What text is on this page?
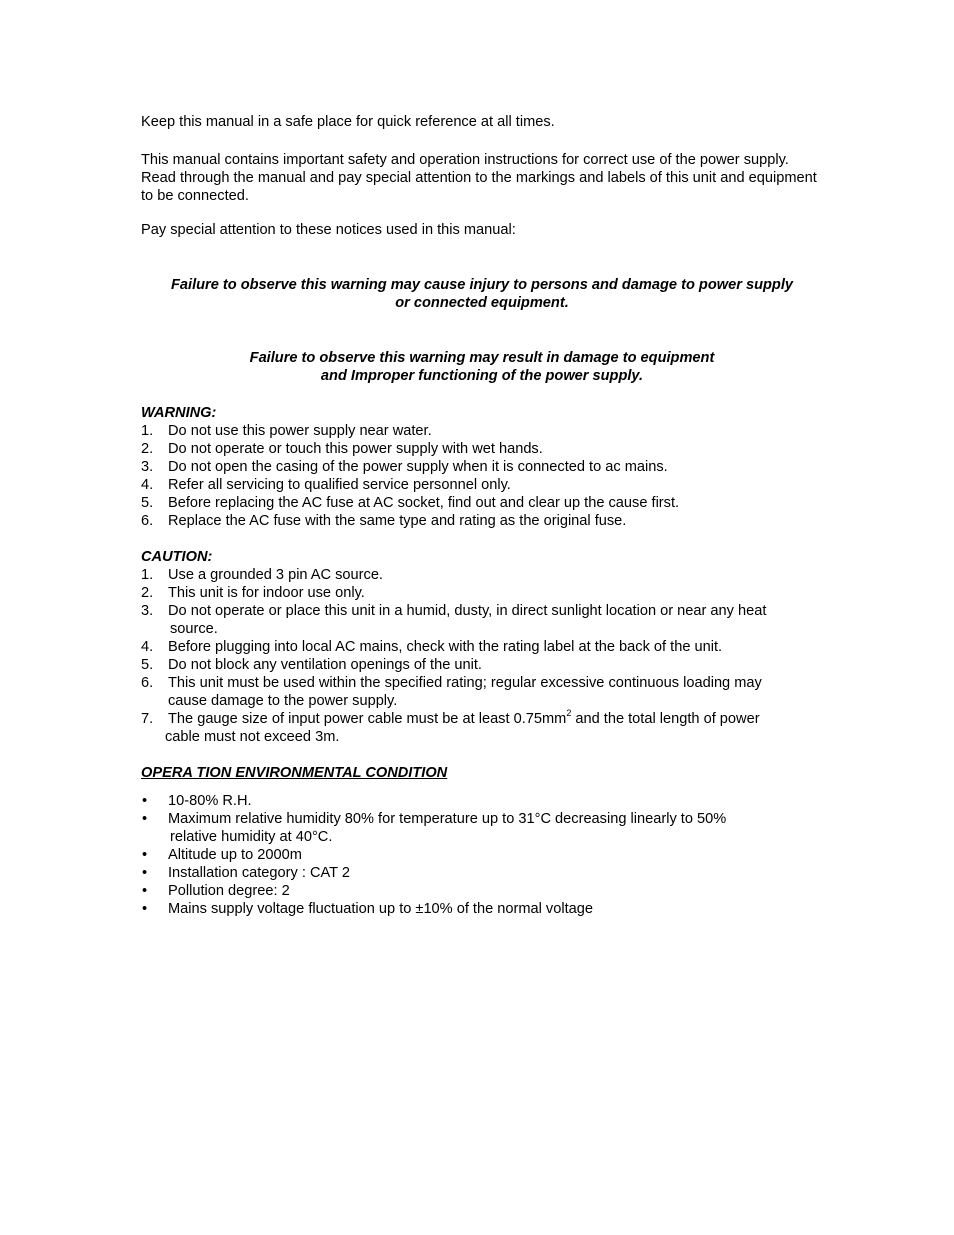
Keep this manual in a safe place for quick reference at all times.

This manual contains important safety and operation instructions for correct use of the power supply. Read through the manual and pay special attention to the markings and labels of this unit and equipment to be connected.

Pay special attention to these notices used in this manual:

Failure to observe this warning may cause injury to persons and damage to power supply

or connected equipment.

Failure to observe this warning may result in damage to equipment

and Improper functioning of the power supply.

WARNING:

1. Do not use this power supply near water.
2. Do not operate or touch this power supply with wet hands.
3. Do not open the casing of the power supply when it is connected to ac mains.
4. Refer all servicing to qualified service personnel only.
5. Before replacing the AC fuse at AC socket, find out and clear up the cause first.
6. Replace the AC fuse with the same type and rating as the original fuse.

CAUTION:

1. Use a grounded 3 pin AC source.
2. This unit is for indoor use only.
3. Do not operate or place this unit in a humid, dusty, in direct sunlight location or near any heat
source.
4. Before plugging into local AC mains, check with the rating label at the back of the unit.
5. Do not block any ventilation openings of the unit.
6. This unit must be used within the specified rating; regular excessive continuous loading may
cause damage to the power supply.
7. The gauge size of input power cable must be at least $0.75mm^2$ and the total length of power
cable must not exceed 3m.

OPERA TION ENVIRONMENTAL CONDITION

• 10-80% R.H.
• Maximum relative humidity 80% for temperature up to 31°C decreasing linearly to 50%
relative humidity at 40°C.
• Altitude up to 2000m
• Installation category : CAT 2
• Pollution degree: 2
• Mains supply voltage fluctuation up to ±10% of the normal voltage
